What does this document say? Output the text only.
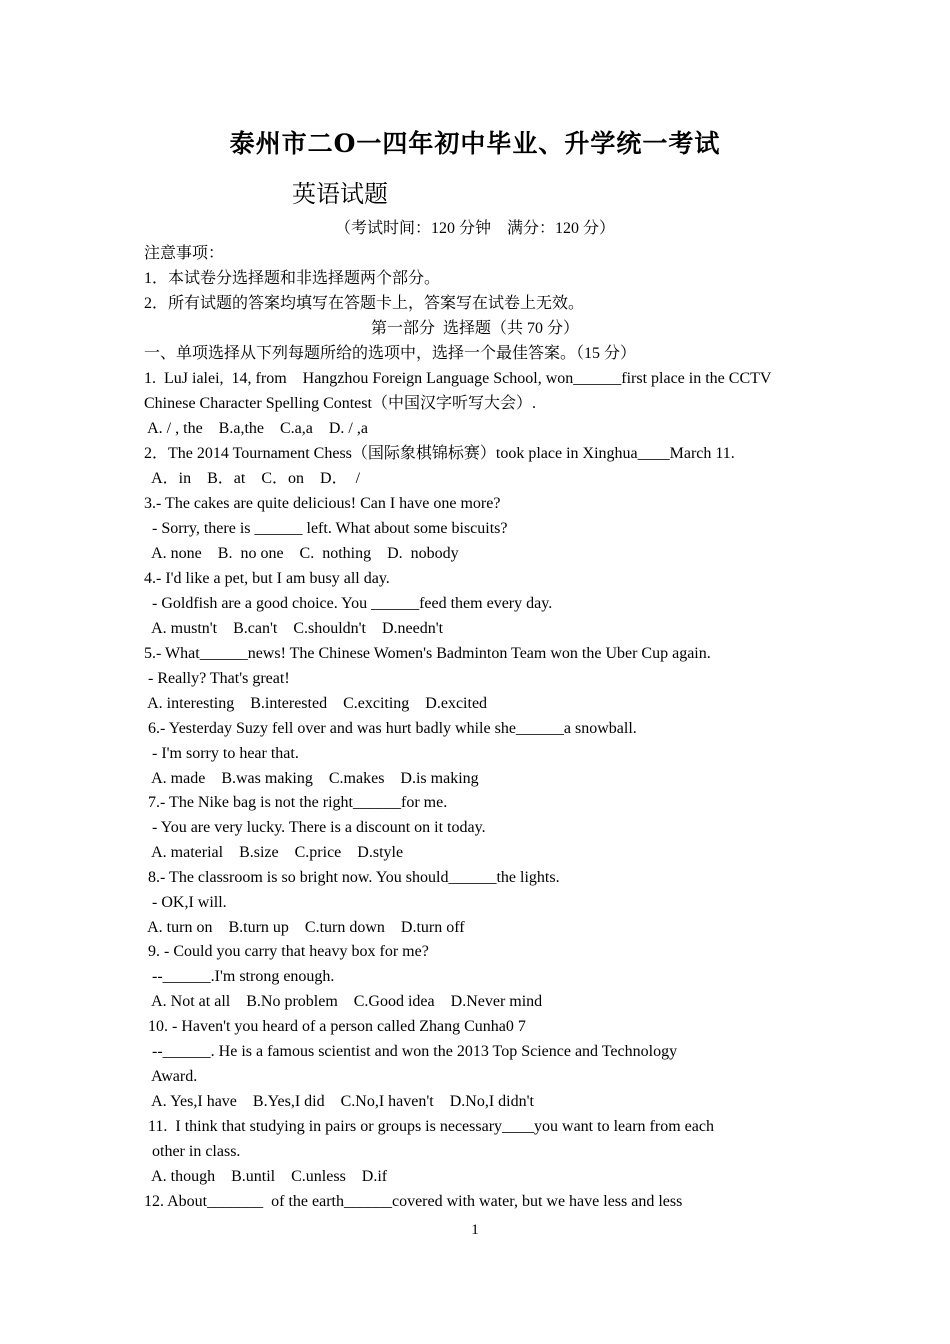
泰州市二O一四年初中毕业、升学统一考试
英语试题
（考试时间：120 分钟    满分：120 分）
注意事项：
1．本试卷分选择题和非选择题两个部分。
2．所有试题的答案均填写在答题卡上，答案写在试卷上无效。
第一部分  选择题（共 70 分）
一、单项选择从下列每题所给的选项中，选择一个最佳答案。（15 分）
1.  LuJ ialei,  14, from    Hangzhou Foreign Language School, won______first place in the CCTV
Chinese Character Spelling Contest（中国汉字听写大会）.
A. / , the    B.a,the    C.a,a    D. / ,a
2．The 2014 Tournament Chess（国际象棋锦标赛）took place in Xinghua____March 11.
A．in    B．at    C．on    D．  /
3.- The cakes are quite delicious! Can I have one more?
- Sorry, there is ______ left. What about some biscuits?
A. none    B.  no one    C.  nothing    D.  nobody
4.- I'd like a pet, but I am busy all day.
- Goldfish are a good choice. You ______feed them every day.
A. mustn't    B.can't    C.shouldn't    D.needn't
5.- What______news! The Chinese Women's Badminton Team won the Uber Cup again.
- Really? That's great!
A. interesting    B.interested    C.exciting    D.excited
6.- Yesterday Suzy fell over and was hurt badly while she______a snowball.
- I'm sorry to hear that.
A. made    B.was making    C.makes    D.is making
7.- The Nike bag is not the right______for me.
- You are very lucky. There is a discount on it today.
A. material    B.size    C.price    D.style
8.- The classroom is so bright now. You should______the lights.
- OK,I will.
A. turn on    B.turn up    C.turn down    D.turn off
9. - Could you carry that heavy box for me?
--______.I'm strong enough.
A. Not at all    B.No problem    C.Good idea    D.Never mind
10. - Haven't you heard of a person called Zhang Cunha0 7
--______. He is a famous scientist and won the 2013 Top Science and Technology
Award.
A. Yes,I have    B.Yes,I did    C.No,I haven't    D.No,I didn't
11.  I think that studying in pairs or groups is necessary____you want to learn from each
other in class.
A. though    B.until    C.unless    D.if
12. About_______  of the earth______covered with water, but we have less and less
1
